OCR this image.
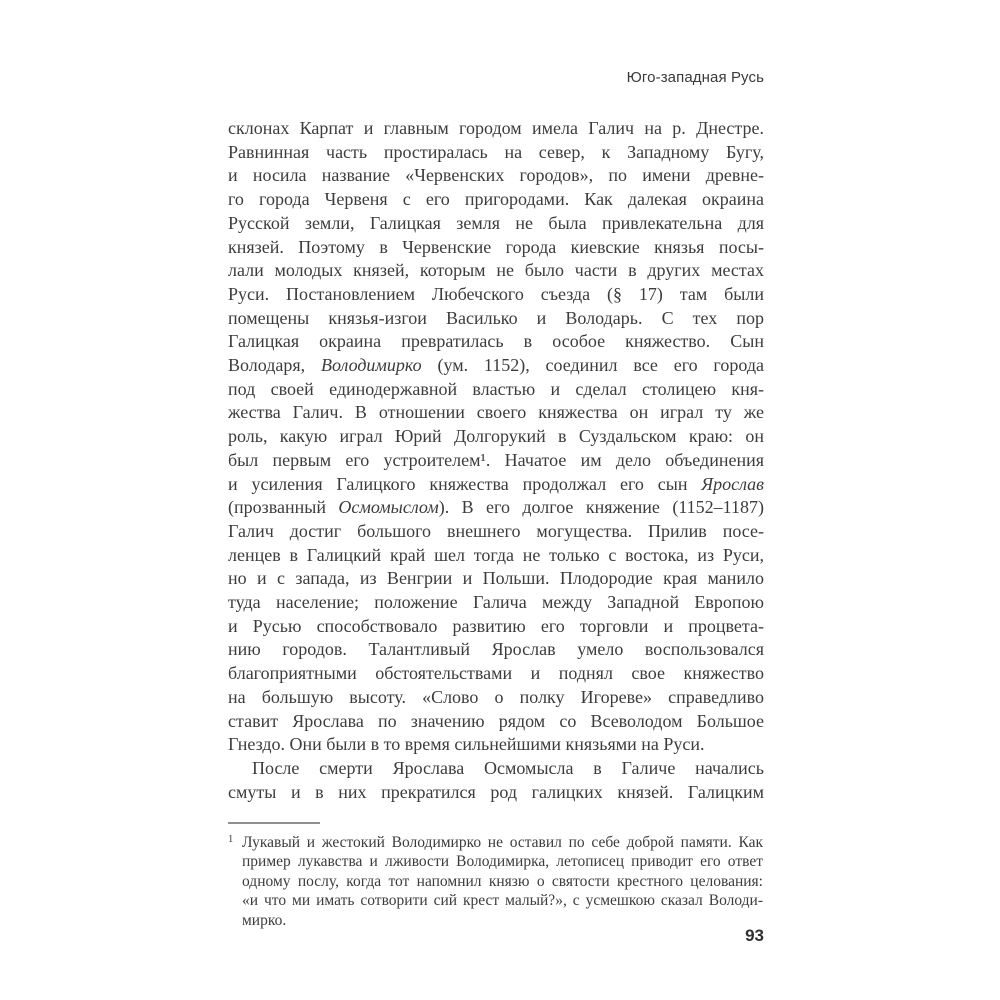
Юго-западная Русь
склонах Карпат и главным городом имела Галич на р. Днестре.
Равнинная часть простиралась на север, к Западному Бугу,
и носила название «Червенских городов», по имени древне-
го города Червеня с его пригородами. Как далекая окраина
Русской земли, Галицкая земля не была привлекательна для
князей. Поэтому в Червенские города киевские князья посы-
лали молодых князей, которым не было части в других местах
Руси. Постановлением Любечского съезда (§ 17) там были
помещены князья-изгои Василько и Володарь. С тех пор
Галицкая окраина превратилась в особое княжество. Сын
Володаря, Володимирко (ум. 1152), соединил все его города
под своей единодержавной властью и сделал столицею кня-
жества Галич. В отношении своего княжества он играл ту же
роль, какую играл Юрий Долгорукий в Суздальском краю: он
был первым его устроителем¹. Начатое им дело объединения
и усиления Галицкого княжества продолжал его сын Ярослав
(прозванный Осмомыслом). В его долгое княжение (1152–1187)
Галич достиг большого внешнего могущества. Прилив посе-
ленцев в Галицкий край шел тогда не только с востока, из Руси,
но и с запада, из Венгрии и Польши. Плодородие края манило
туда население; положение Галича между Западной Европою
и Русью способствовало развитию его торговли и процвета-
нию городов. Талантливый Ярослав умело воспользовался
благоприятными обстоятельствами и поднял свое княжество
на большую высоту. «Слово о полку Игореве» справедливо
ставит Ярослава по значению рядом со Всеволодом Большое
Гнездо. Они были в то время сильнейшими князьями на Руси.
После смерти Ярослава Осмомысла в Галиче начались
смуты и в них прекратился род галицких князей. Галицким
1 Лукавый и жестокий Володимирко не оставил по себе доброй памяти. Как
пример лукавства и лживости Володимирка, летописец приводит его ответ
одному послу, когда тот напомнил князю о святости крестного целования:
«и что ми имать сотворити сий крест малый?», с усмешкою сказал Володи-
мирко.
93
